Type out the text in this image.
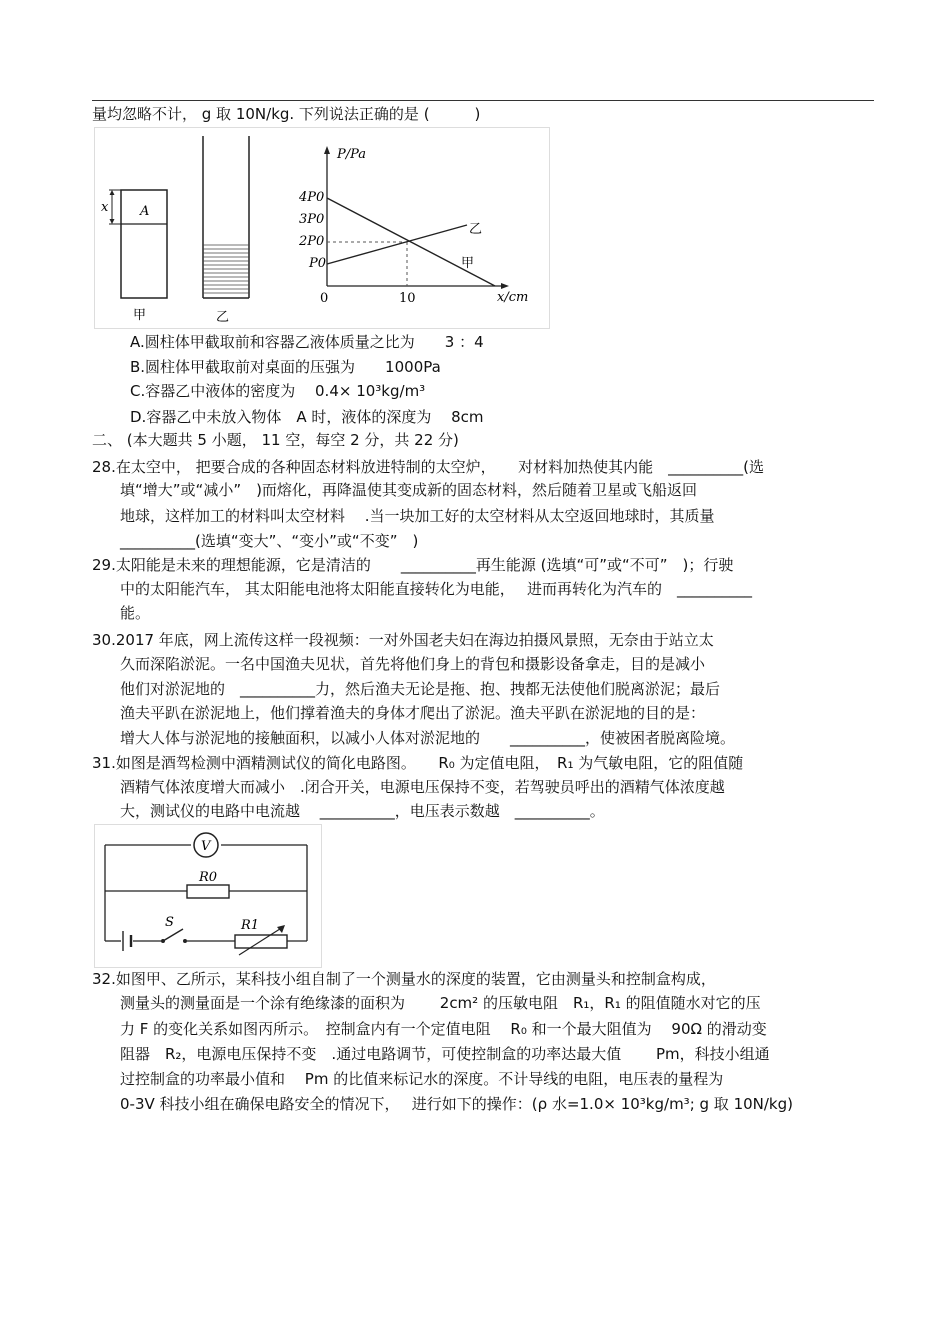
量均忽略不计， g 取 10N/kg. 下列说法正确的是 (　　　)
x A
甲	乙
P/Pa
x/cm
4P0
3P0
2P0
P0
0	10
乙
甲
A.圆柱体甲截取前和容器乙液体质量之比为　　3 ：4
B.圆柱体甲截取前对桌面的压强为　　1000Pa
C.容器乙中液体的密度为　 0.4× 10³kg/m³
D.容器乙中未放入物体　A 时，液体的深度为　 8cm
二、 (本大题共 5 小题， 11 空，每空 2 分，共 22 分)
28.在太空中， 把要合成的各种固态材料放进特制的太空炉，　　对材料加热使其内能　__________(选
填“增大”或“减小”　)而熔化，再降温使其变成新的固态材料，然后随着卫星或飞船返回
地球，这样加工的材料叫太空材料　 .当一块加工好的太空材料从太空返回地球时，其质量
__________(选填“变大”、“变小”或“不变”　)
29.太阳能是未来的理想能源，它是清洁的　　__________再生能源 (选填“可”或“不可”　)；行驶
中的太阳能汽车， 其太阳能电池将太阳能直接转化为电能，　 进而再转化为汽车的　__________
能。
30.2017 年底，网上流传这样一段视频：一对外国老夫妇在海边拍摄风景照，无奈由于站立太
久而深陷淤泥。一名中国渔夫见状，首先将他们身上的背包和摄影设备拿走，目的是减小
他们对淤泥地的　__________力，然后渔夫无论是拖、抱、拽都无法使他们脱离淤泥；最后
渔夫平趴在淤泥地上，他们撑着渔夫的身体才爬出了淤泥。渔夫平趴在淤泥地的目的是：
增大人体与淤泥地的接触面积，以减小人体对淤泥地的　　__________，使被困者脱离险境。
31.如图是酒驾检测中酒精测试仪的简化电路图。　　R₀ 为定值电阻，　R₁ 为气敏电阻，它的阻值随
酒精气体浓度增大而减小　.闭合开关，电源电压保持不变，若驾驶员呼出的酒精气体浓度越
大，测试仪的电路中电流越　 __________，电压表示数越　__________。
V
R0
S	R1
32.如图甲、乙所示，某科技小组自制了一个测量水的深度的装置，它由测量头和控制盒构成，
测量头的测量面是一个涂有绝缘漆的面积为　　 2cm² 的压敏电阻　R₁，R₁ 的阻值随水对它的压
力 F 的变化关系如图丙所示。　控制盒内有一个定值电阻　 R₀ 和一个最大阻值为　 90Ω 的滑动变
阻器　R₂，电源电压保持不变　.通过电路调节，可使控制盒的功率达最大值　　 Pm，科技小组通
过控制盒的功率最小值和　 Pm 的比值来标记水的深度。不计导线的电阻，电压表的量程为
0-3V 科技小组在确保电路安全的情况下，　 进行如下的操作：(ρ 水=1.0× 10³kg/m³; g 取 10N/kg)
